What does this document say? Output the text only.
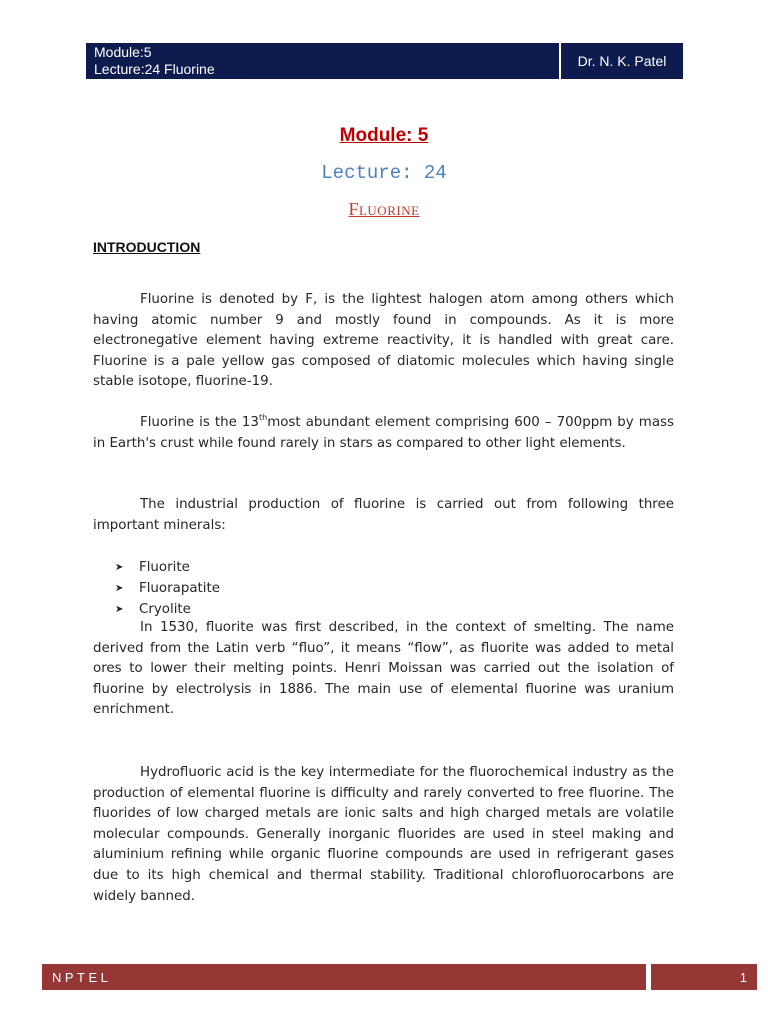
Module:5
Lecture:24 Fluorine	Dr. N. K. Patel
Module: 5
Lecture: 24
Fluorine
INTRODUCTION

Fluorine is denoted by F, is the lightest halogen atom among others which having atomic number 9 and mostly found in compounds. As it is more electronegative element having extreme reactivity, it is handled with great care. Fluorine is a pale yellow gas composed of diatomic molecules which having single stable isotope, fluorine-19.

Fluorine is the 13thmost abundant element comprising 600 – 700ppm by mass in Earth's crust while found rarely in stars as compared to other light elements.

The industrial production of fluorine is carried out from following three important minerals:

➤	Fluorite
➤	Fluorapatite
➤	Cryolite

In 1530, fluorite was first described, in the context of smelting. The name derived from the Latin verb “fluo”, it means “flow”, as fluorite was added to metal ores to lower their melting points. Henri Moissan was carried out the isolation of fluorine by electrolysis in 1886. The main use of elemental fluorine was uranium enrichment.

Hydrofluoric acid is the key intermediate for the fluorochemical industry as the production of elemental fluorine is difficulty and rarely converted to free fluorine. The fluorides of low charged metals are ionic salts and high charged metals are volatile molecular compounds. Generally inorganic fluorides are used in steel making and aluminium refining while organic fluorine compounds are used in refrigerant gases due to its high chemical and thermal stability. Traditional chlorofluorocarbons are widely banned.

NPTEL	1
